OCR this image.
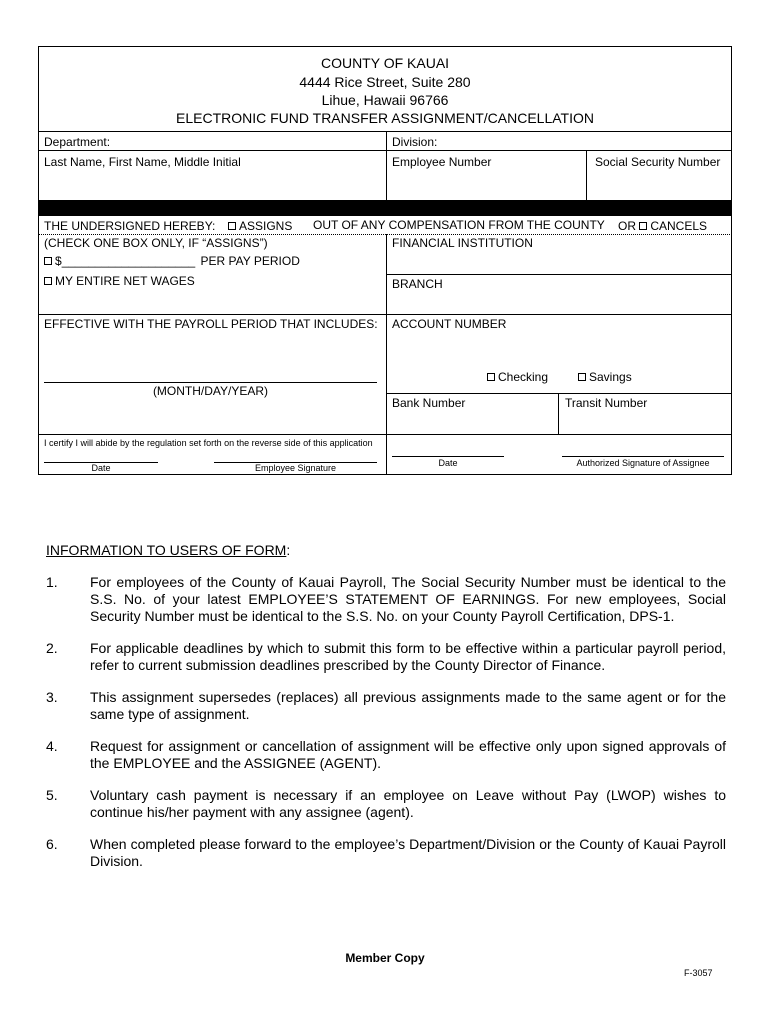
COUNTY OF KAUAI
4444 Rice Street, Suite 280
Lihue, Hawaii 96766
ELECTRONIC FUND TRANSFER ASSIGNMENT/CANCELLATION
Department:	Division:
Last Name, First Name, Middle Initial	Employee Number	Social Security Number
THE UNDERSIGNED HEREBY:	ASSIGNS OUT OF ANY COMPENSATION FROM THE COUNTY OR CANCELS
(CHECK ONE BOX ONLY, IF “ASSIGNS”)	FINANCIAL INSTITUTION
$____________________ PER PAY PERIOD
MY ENTIRE NET WAGES	BRANCH
EFFECTIVE WITH THE PAYROLL PERIOD THAT INCLUDES: ACCOUNT NUMBER
Checking	Savings
(MONTH/DAY/YEAR)
Bank Number	Transit Number
I certify I will abide by the regulation set forth on the reverse side of this application
Date	Employee Signature	Date	Authorized Signature of Assignee
INFORMATION TO USERS OF FORM:
1. For employees of the County of Kauai Payroll, The Social Security Number must be identical to the S.S. No. of your latest EMPLOYEE’S STATEMENT OF EARNINGS. For new employees, Social Security Number must be identical to the S.S. No. on your County Payroll Certification, DPS-1.
2. For applicable deadlines by which to submit this form to be effective within a particular payroll period, refer to current submission deadlines prescribed by the County Director of Finance.
3. This assignment supersedes (replaces) all previous assignments made to the same agent or for the same type of assignment.
4. Request for assignment or cancellation of assignment will be effective only upon signed approvals of the EMPLOYEE and the ASSIGNEE (AGENT).
5. Voluntary cash payment is necessary if an employee on Leave without Pay (LWOP) wishes to continue his/her payment with any assignee (agent).
6. When completed please forward to the employee’s Department/Division or the County of Kauai Payroll Division.
Member Copy
F-3057
